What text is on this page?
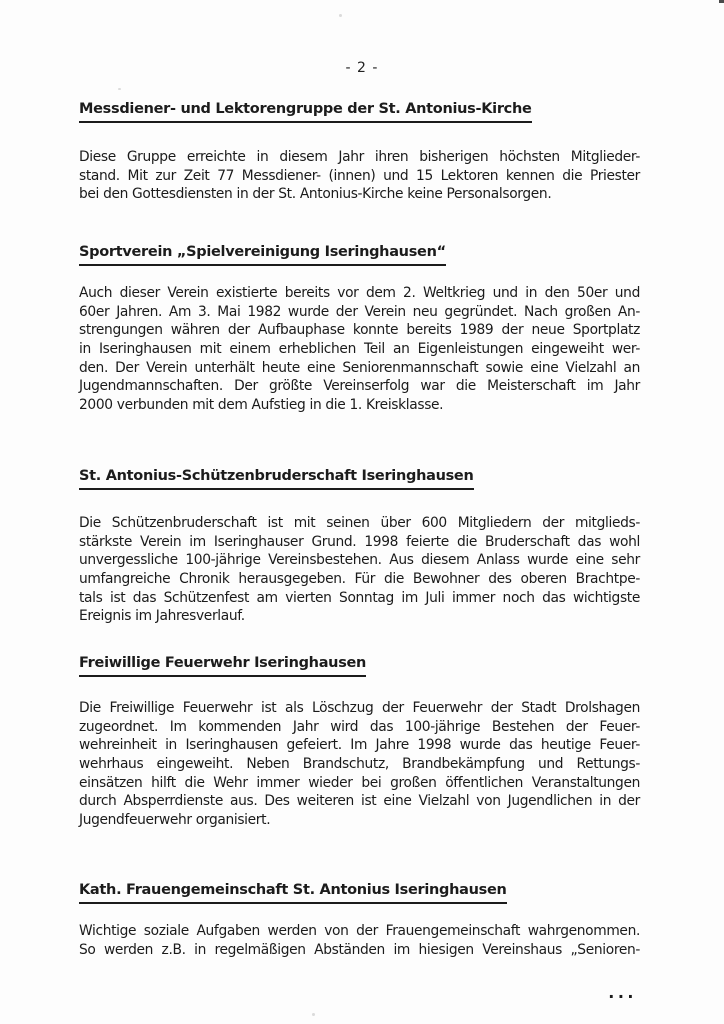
- 2 -
Messdiener- und Lektorengruppe der St. Antonius-Kirche
Diese Gruppe erreichte in diesem Jahr ihren bisherigen höchsten Mitglieder-
stand. Mit zur Zeit 77 Messdiener- (innen) und 15 Lektoren kennen die Priester
bei den Gottesdiensten in der St. Antonius-Kirche keine Personalsorgen.
Sportverein „Spielvereinigung Iseringhausen“
Auch dieser Verein existierte bereits vor dem 2. Weltkrieg und in den 50er und
60er Jahren. Am 3. Mai 1982 wurde der Verein neu gegründet. Nach großen An-
strengungen währen der Aufbauphase konnte bereits 1989 der neue Sportplatz
in Iseringhausen mit einem erheblichen Teil an Eigenleistungen eingeweiht wer-
den. Der Verein unterhält heute eine Seniorenmannschaft sowie eine Vielzahl an
Jugendmannschaften. Der größte Vereinserfolg war die Meisterschaft im Jahr
2000 verbunden mit dem Aufstieg in die 1. Kreisklasse.
St. Antonius-Schützenbruderschaft Iseringhausen
Die Schützenbruderschaft ist mit seinen über 600 Mitgliedern der mitglieds-
stärkste Verein im Iseringhauser Grund. 1998 feierte die Bruderschaft das wohl
unvergessliche 100-jährige Vereinsbestehen. Aus diesem Anlass wurde eine sehr
umfangreiche Chronik herausgegeben. Für die Bewohner des oberen Brachtpe-
tals ist das Schützenfest am vierten Sonntag im Juli immer noch das wichtigste
Ereignis im Jahresverlauf.
Freiwillige Feuerwehr Iseringhausen
Die Freiwillige Feuerwehr ist als Löschzug der Feuerwehr der Stadt Drolshagen
zugeordnet. Im kommenden Jahr wird das 100-jährige Bestehen der Feuer-
wehreinheit in Iseringhausen gefeiert. Im Jahre 1998 wurde das heutige Feuer-
wehrhaus eingeweiht. Neben Brandschutz, Brandbekämpfung und Rettungs-
einsätzen hilft die Wehr immer wieder bei großen öffentlichen Veranstaltungen
durch Absperrdienste aus. Des weiteren ist eine Vielzahl von Jugendlichen in der
Jugendfeuerwehr organisiert.
Kath. Frauengemeinschaft St. Antonius Iseringhausen
Wichtige soziale Aufgaben werden von der Frauengemeinschaft wahrgenommen.
So werden z.B. in regelmäßigen Abständen im hiesigen Vereinshaus „Senioren-
...
